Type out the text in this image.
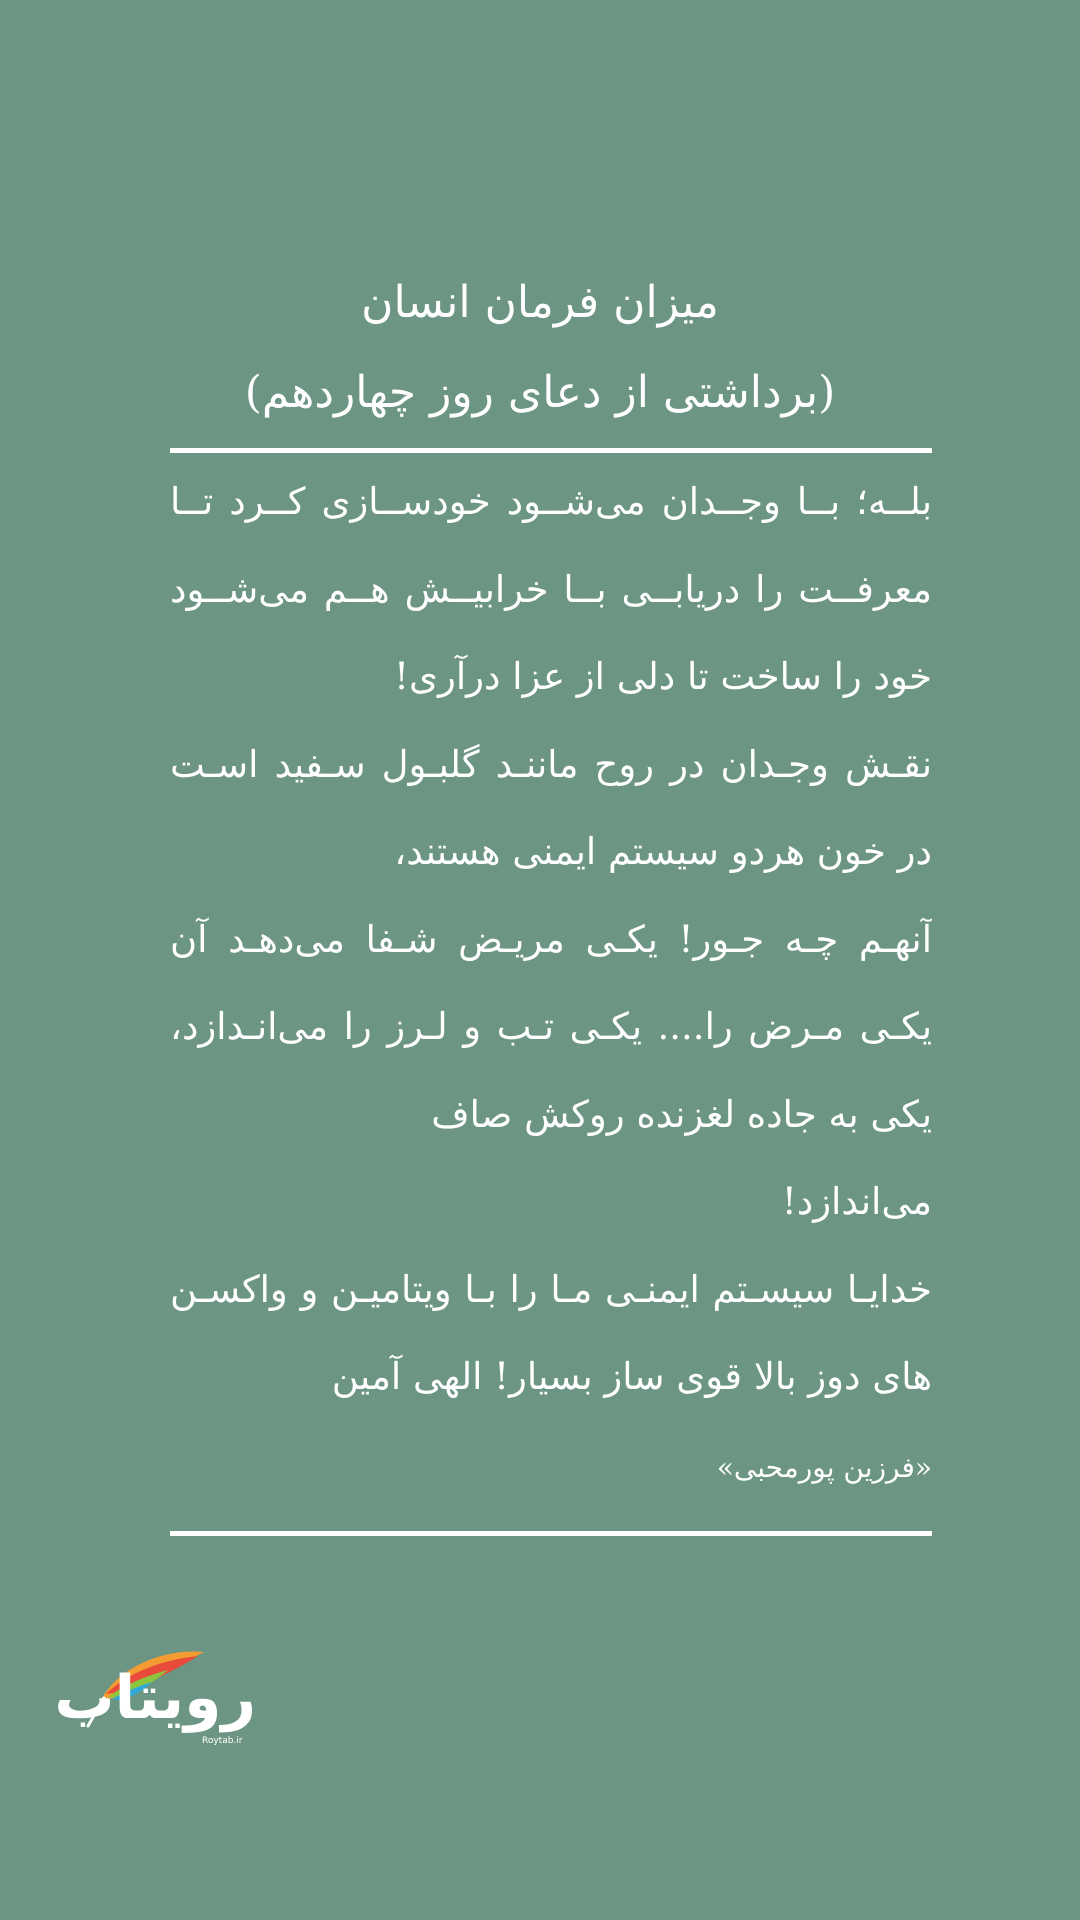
میزان فرمان انسان

(برداشتی از دعای روز چهاردهم)

بلــه؛ بــا وجــدان می‌شــود خودســازی کــرد تــا
معرفــت را دریابــی بــا خرابیــش هــم می‌شــود
خود را ساخت تا دلی از عزا درآری!
نقـش وجـدان در روح ماننـد گلبـول سـفید اسـت
در خون هردو سیستم ایمنی هستند،
آنهـم چـه جـور! یکـی مریـض شـفا می‌دهـد آن
یکـی مـرض را.... یکـی تـب و لـرز را می‌انـدازد،
یکی به جاده لغزنده روکش صاف
می‌اندازد!
خدایـا سیسـتم ایمنـی مـا را بـا ویتامیـن و واکسـن
های دوز بالا قوی ساز بسیار! الهی آمین
«فرزین پورمحبی»
رویتاب
Roytab.ir
